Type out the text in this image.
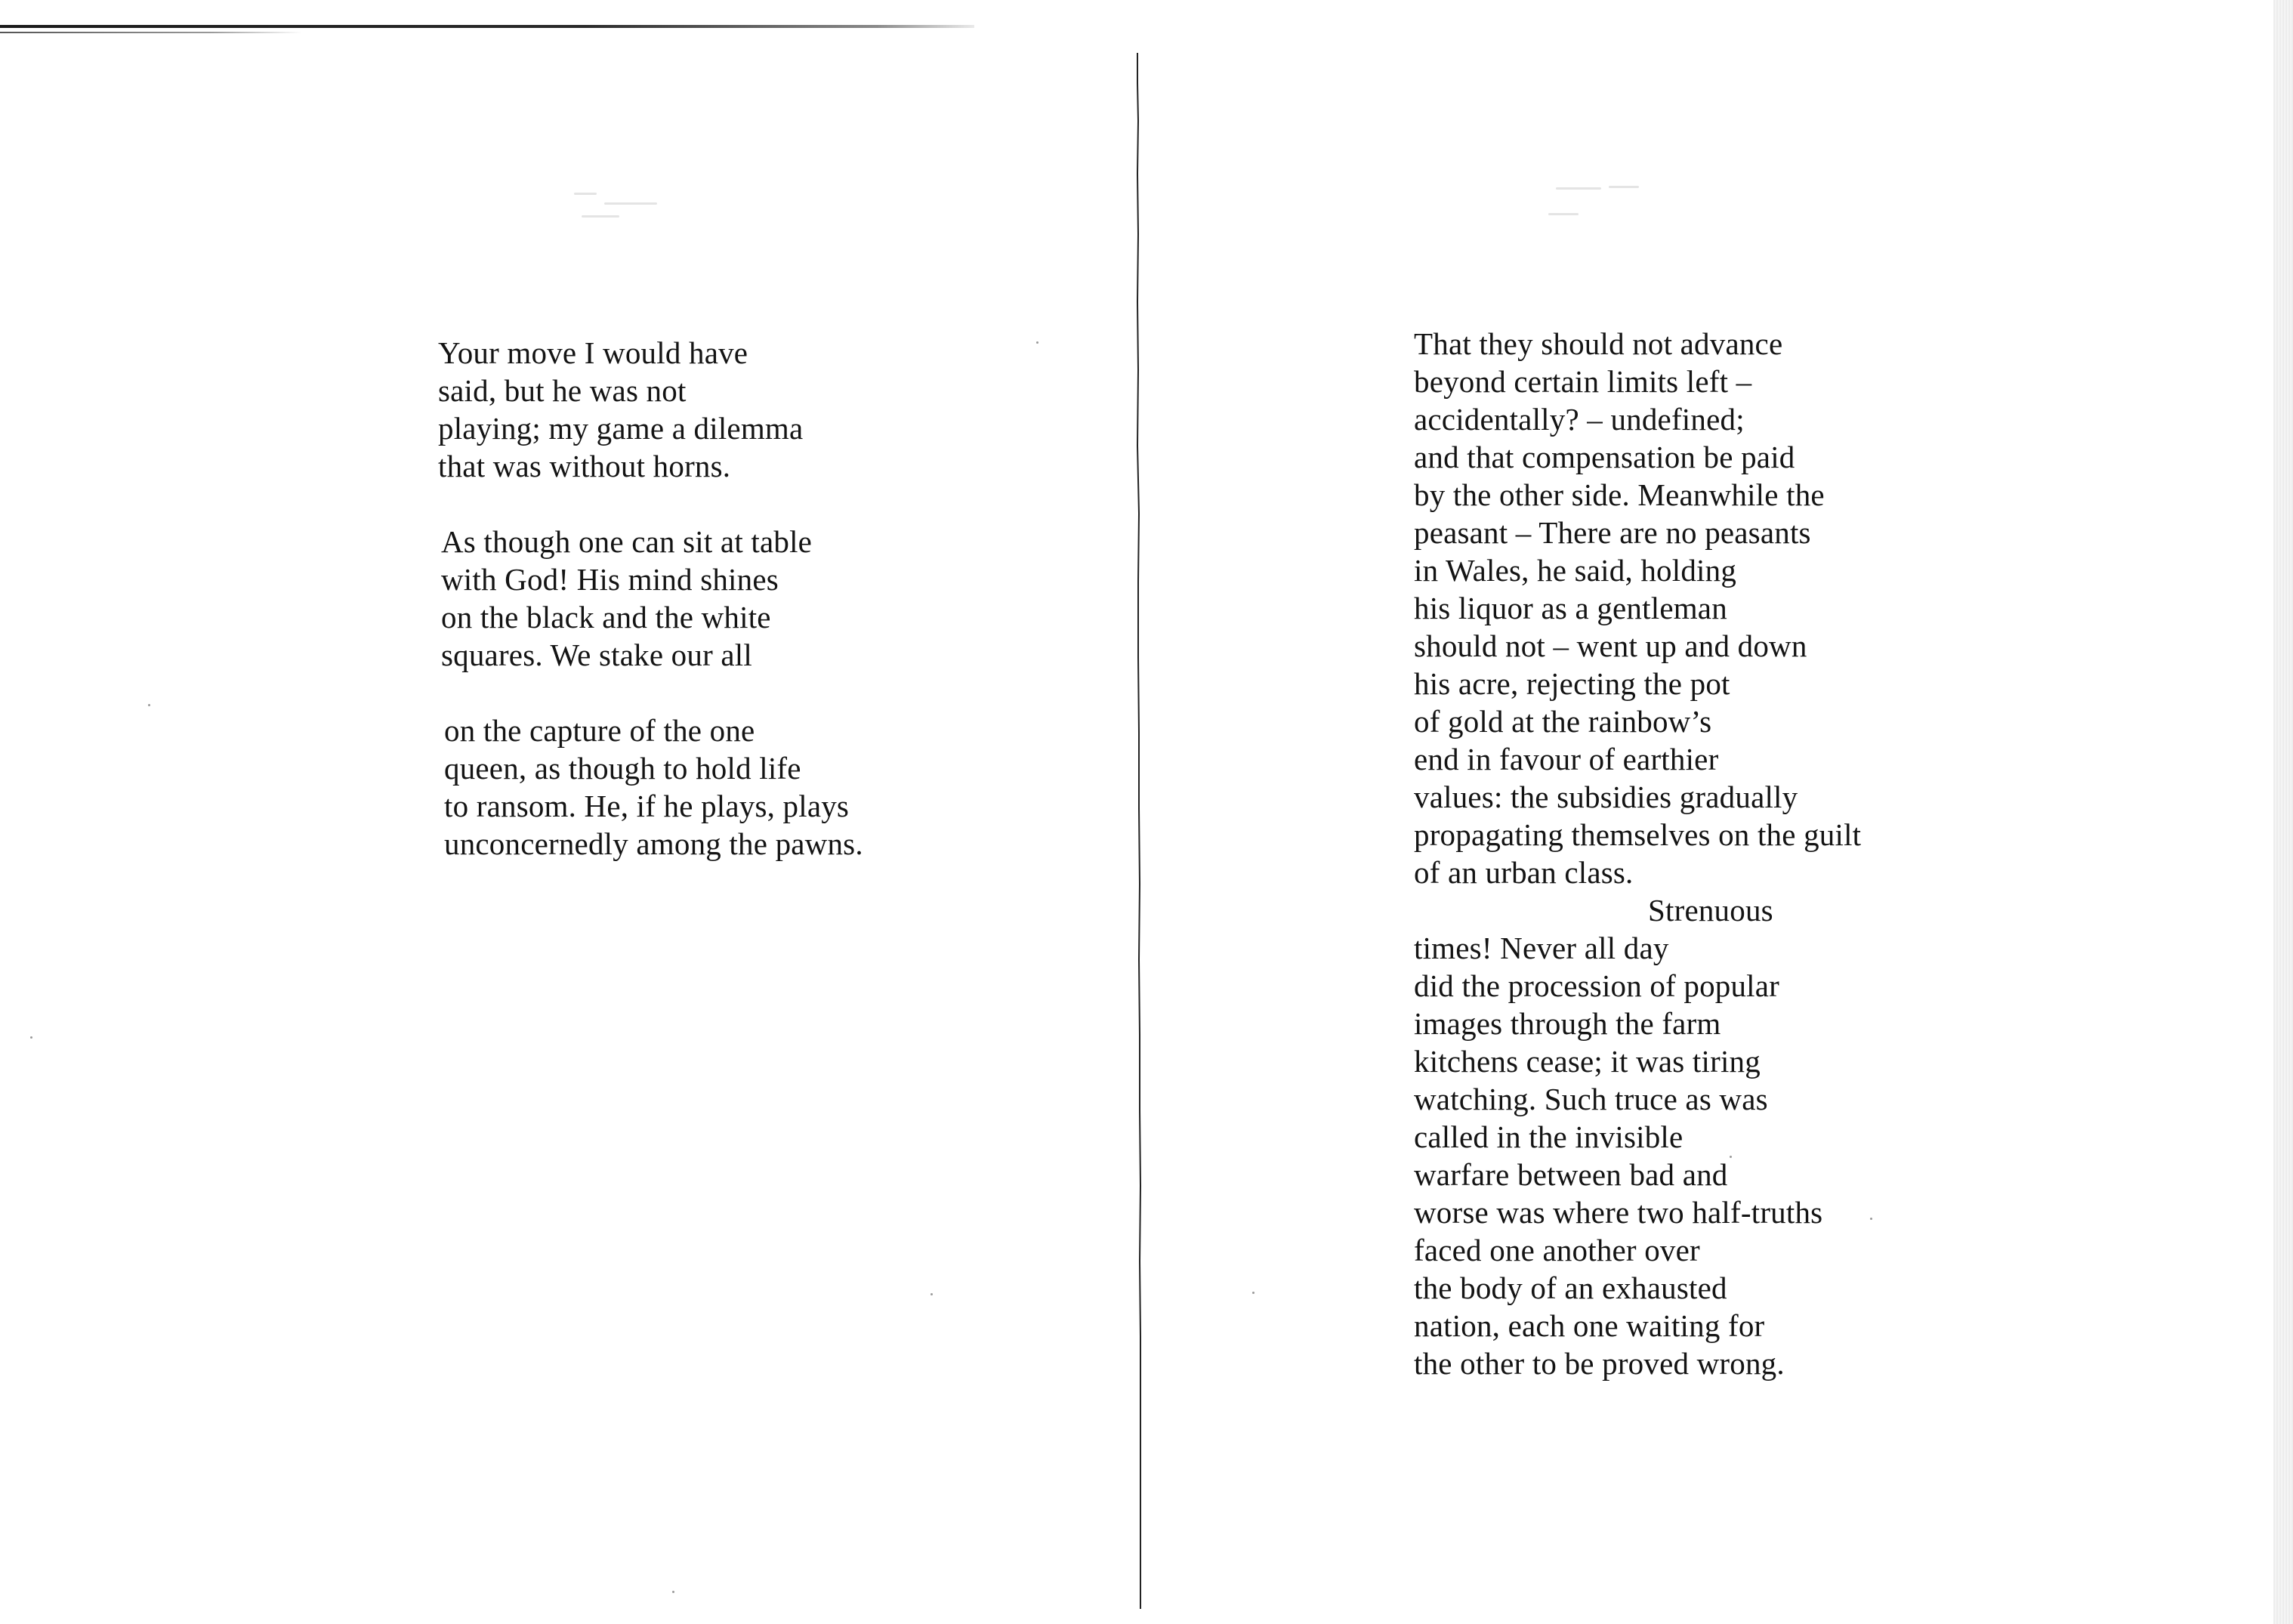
Your move I would have
said, but he was not
playing; my game a dilemma
that was without horns.
As though one can sit at table
with God! His mind shines
on the black and the white
squares. We stake our all
on the capture of the one
queen, as though to hold life
to ransom. He, if he plays, plays
unconcernedly among the pawns.
That they should not advance
beyond certain limits left –
accidentally? – undefined;
and that compensation be paid
by the other side. Meanwhile the
peasant – There are no peasants
in Wales, he said, holding
his liquor as a gentleman
should not – went up and down
his acre, rejecting the pot
of gold at the rainbow’s
end in favour of earthier
values: the subsidies gradually
propagating themselves on the guilt
of an urban class.
Strenuous
times! Never all day
did the procession of popular
images through the farm
kitchens cease; it was tiring
watching. Such truce as was
called in the invisible
warfare between bad and
worse was where two half-truths
faced one another over
the body of an exhausted
nation, each one waiting for
the other to be proved wrong.
